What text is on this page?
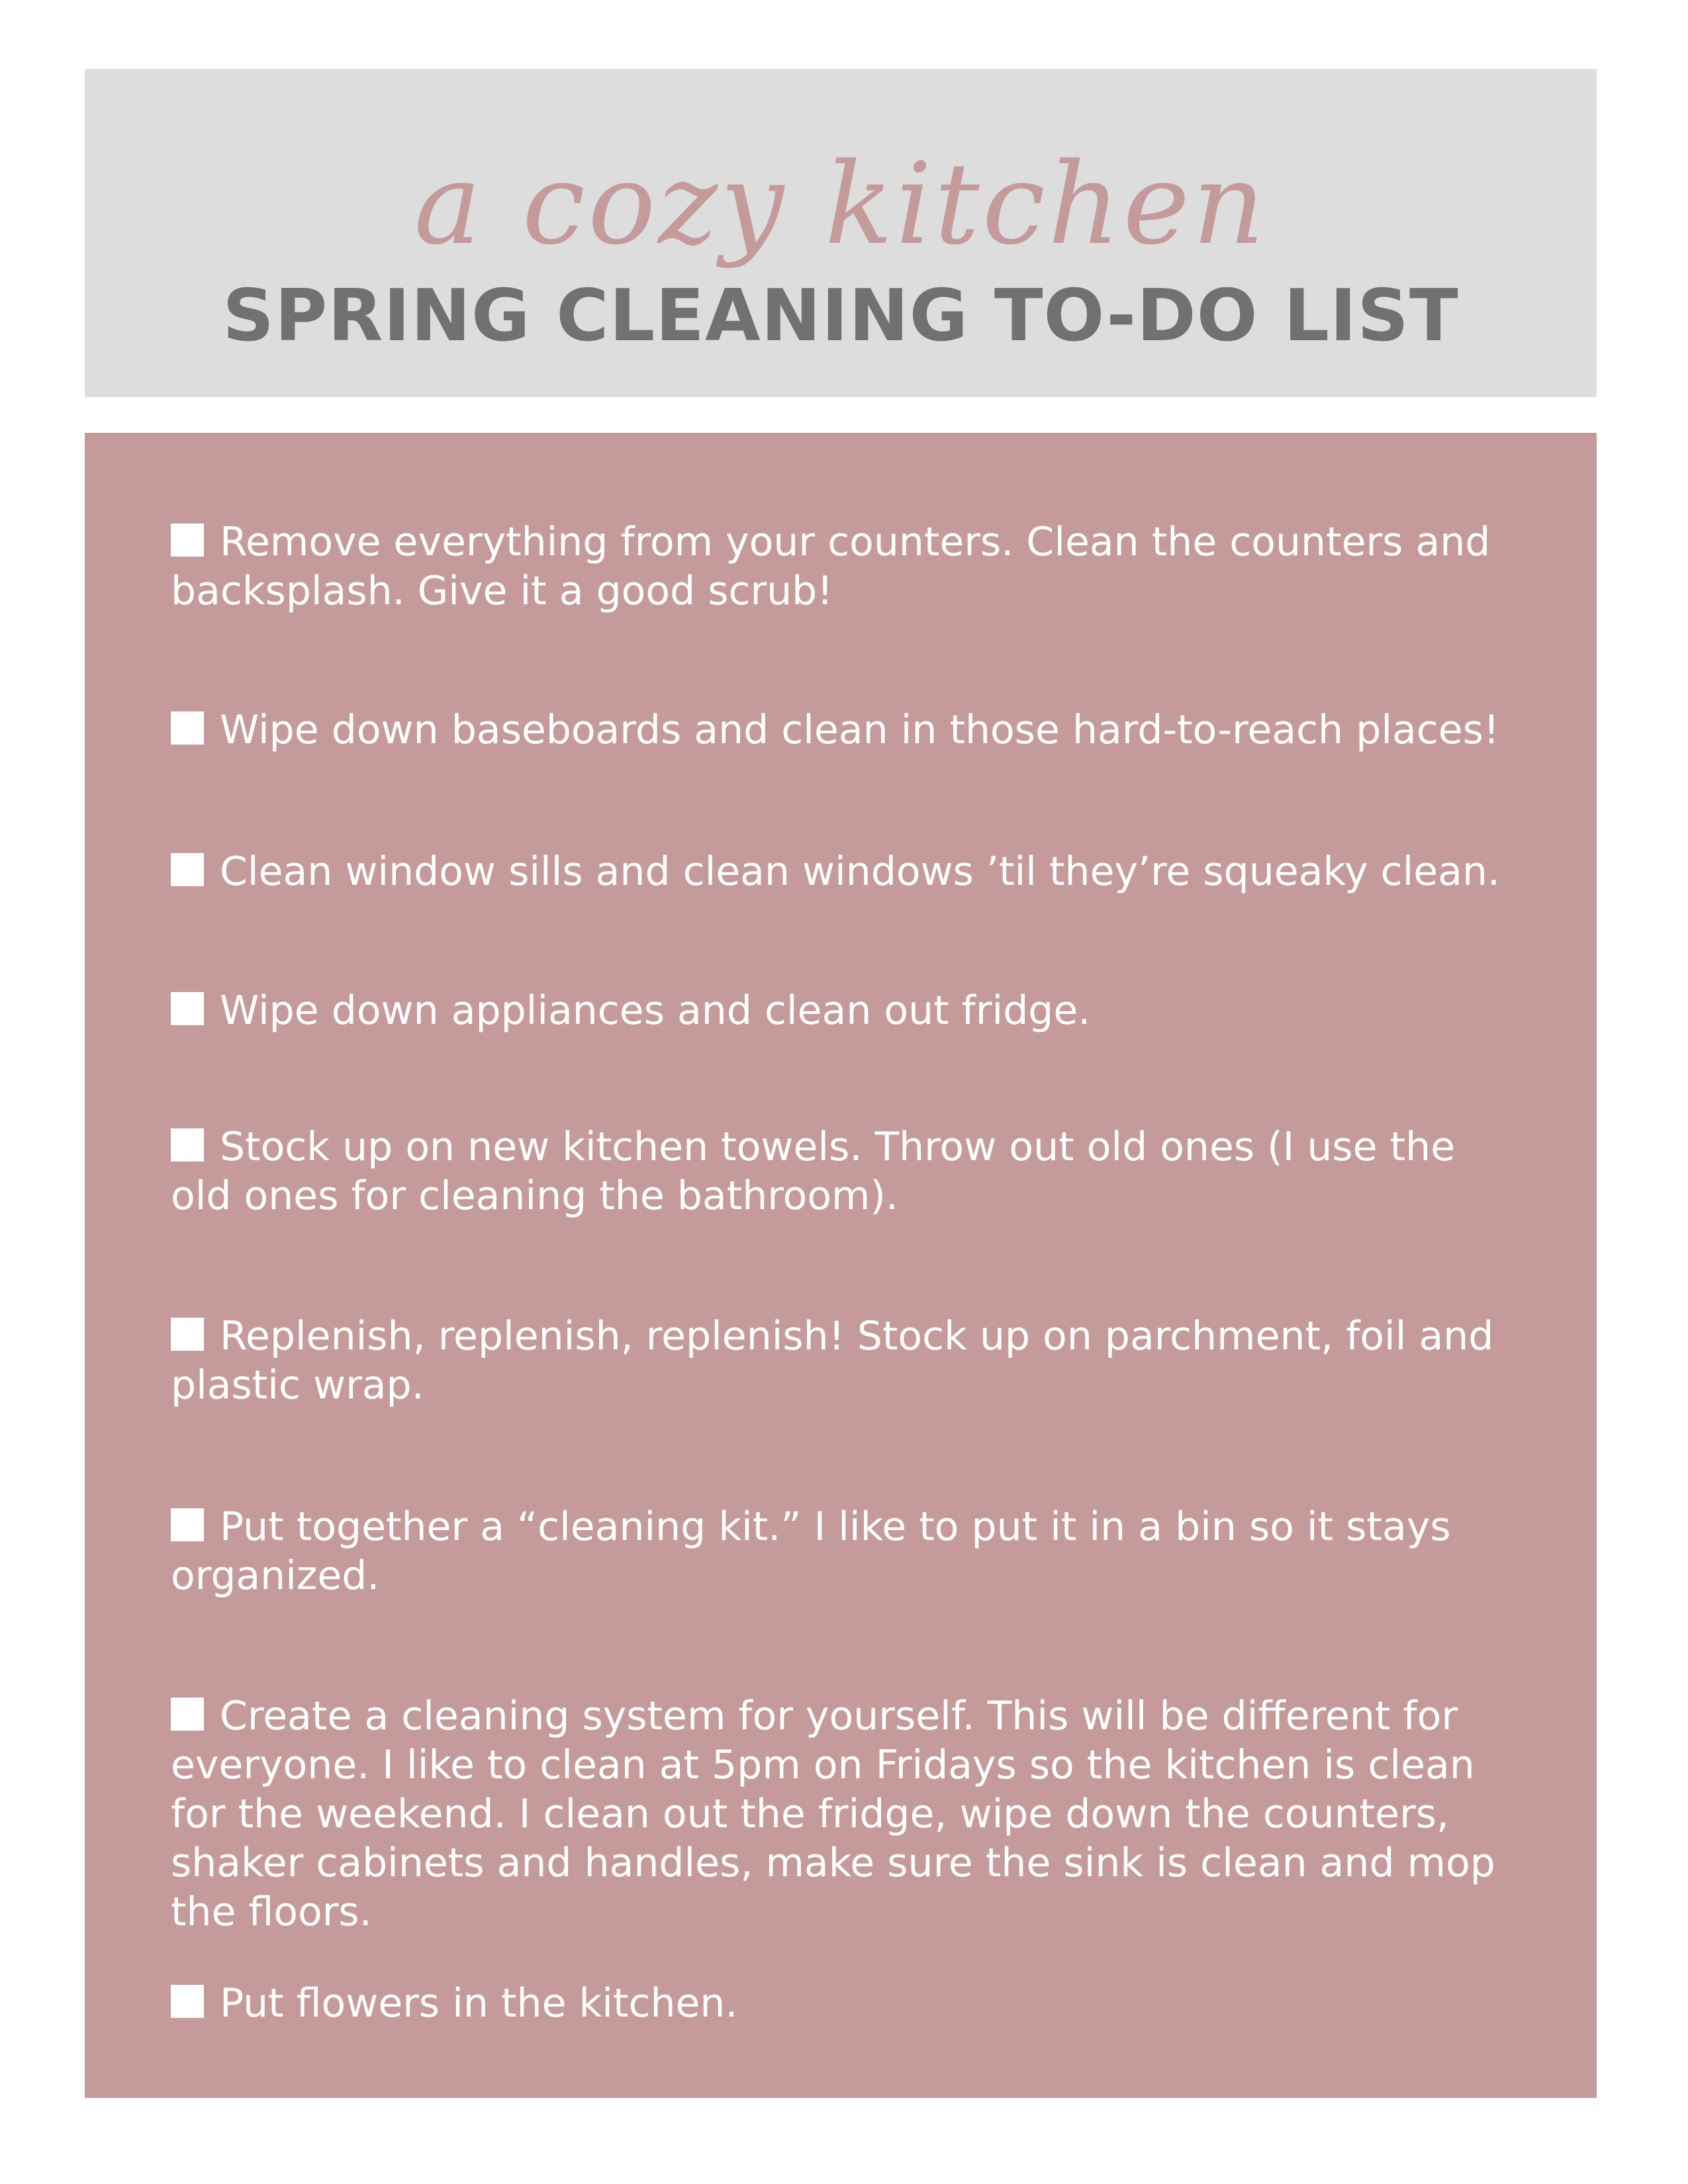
a cozy kitchen
SPRING CLEANING TO-DO LIST
Remove everything from your counters. Clean the counters and backsplash. Give it a good scrub!
Wipe down baseboards and clean in those hard-to-reach places!
Clean window sills and clean windows ’til they’re squeaky clean.
Wipe down appliances and clean out fridge.
Stock up on new kitchen towels. Throw out old ones (I use the old ones for cleaning the bathroom).
Replenish, replenish, replenish! Stock up on parchment, foil and plastic wrap.
Put together a “cleaning kit.” I like to put it in a bin so it stays organized.
Create a cleaning system for yourself. This will be different for everyone. I like to clean at 5pm on Fridays so the kitchen is clean for the weekend. I clean out the fridge, wipe down the counters, shaker cabinets and handles, make sure the sink is clean and mop the floors.
Put flowers in the kitchen.
